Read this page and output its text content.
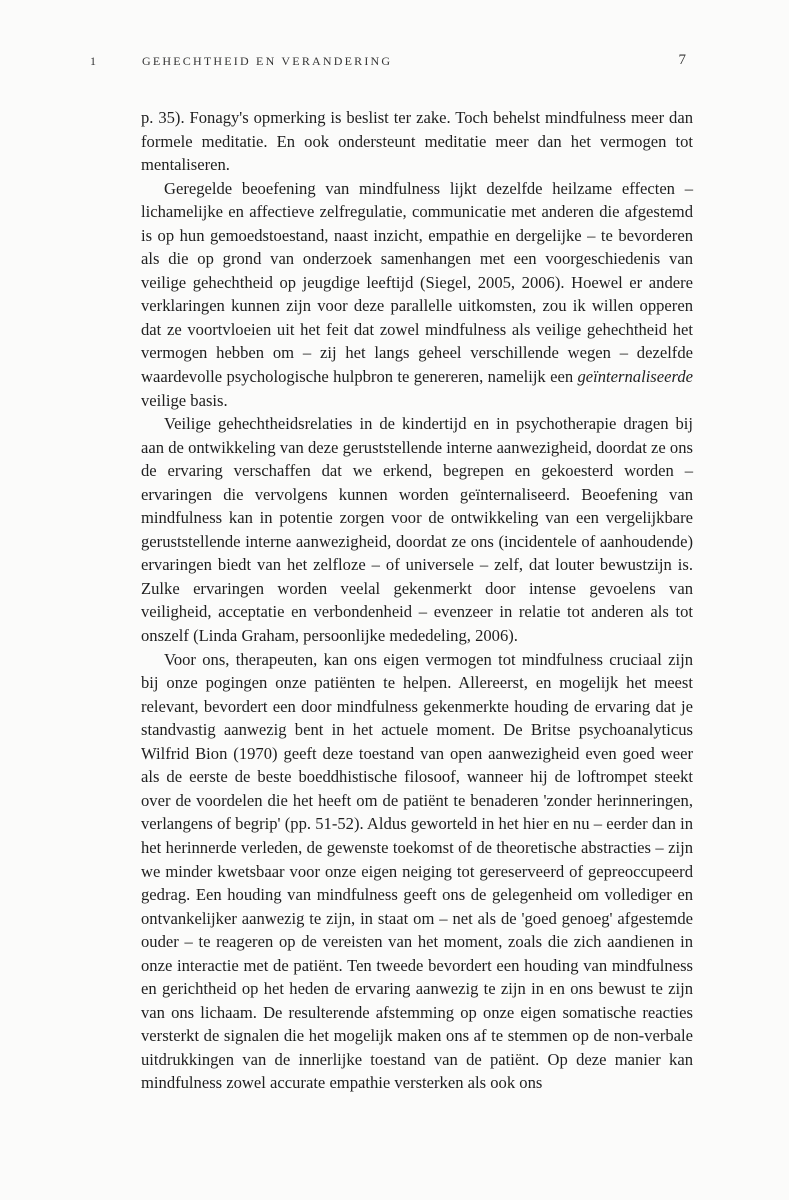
1	GEHECHTHEID EN VERANDERING	7

p. 35). Fonagy's opmerking is beslist ter zake. Toch behelst mindfulness meer dan formele meditatie. En ook ondersteunt meditatie meer dan het vermogen tot mentaliseren.

Geregelde beoefening van mindfulness lijkt dezelfde heilzame effecten – lichamelijke en affectieve zelfregulatie, communicatie met anderen die afgestemd is op hun gemoedstoestand, naast inzicht, empathie en dergelijke – te bevorderen als die op grond van onderzoek samenhangen met een voorgeschiedenis van veilige gehechtheid op jeugdige leeftijd (Siegel, 2005, 2006). Hoewel er andere verklaringen kunnen zijn voor deze parallelle uitkomsten, zou ik willen opperen dat ze voortvloeien uit het feit dat zowel mindfulness als veilige gehechtheid het vermogen hebben om – zij het langs geheel verschillende wegen – dezelfde waardevolle psychologische hulpbron te genereren, namelijk een geïnternaliseerde veilige basis.

Veilige gehechtheidsrelaties in de kindertijd en in psychotherapie dragen bij aan de ontwikkeling van deze geruststellende interne aanwezigheid, doordat ze ons de ervaring verschaffen dat we erkend, begrepen en gekoesterd worden – ervaringen die vervolgens kunnen worden geïnternaliseerd. Beoefening van mindfulness kan in potentie zorgen voor de ontwikkeling van een vergelijkbare geruststellende interne aanwezigheid, doordat ze ons (incidentele of aanhoudende) ervaringen biedt van het zelfloze – of universele – zelf, dat louter bewustzijn is. Zulke ervaringen worden veelal gekenmerkt door intense gevoelens van veiligheid, acceptatie en verbondenheid – evenzeer in relatie tot anderen als tot onszelf (Linda Graham, persoonlijke mededeling, 2006).

Voor ons, therapeuten, kan ons eigen vermogen tot mindfulness cruciaal zijn bij onze pogingen onze patiënten te helpen. Allereerst, en mogelijk het meest relevant, bevordert een door mindfulness gekenmerkte houding de ervaring dat je standvastig aanwezig bent in het actuele moment. De Britse psychoanalyticus Wilfrid Bion (1970) geeft deze toestand van open aanwezigheid even goed weer als de eerste de beste boeddhistische filosoof, wanneer hij de loftrompet steekt over de voordelen die het heeft om de patiënt te benaderen 'zonder herinneringen, verlangens of begrip' (pp. 51-52). Aldus geworteld in het hier en nu – eerder dan in het herinnerde verleden, de gewenste toekomst of de theoretische abstracties – zijn we minder kwetsbaar voor onze eigen neiging tot gereserveerd of gepreoccupeerd gedrag. Een houding van mindfulness geeft ons de gelegenheid om vollediger en ontvankelijker aanwezig te zijn, in staat om – net als de 'goed genoeg' afgestemde ouder – te reageren op de vereisten van het moment, zoals die zich aandienen in onze interactie met de patiënt. Ten tweede bevordert een houding van mindfulness en gerichtheid op het heden de ervaring aanwezig te zijn in en ons bewust te zijn van ons lichaam. De resulterende afstemming op onze eigen somatische reacties versterkt de signalen die het mogelijk maken ons af te stemmen op de non-verbale uitdrukkingen van de innerlijke toestand van de patiënt. Op deze manier kan mindfulness zowel accurate empathie versterken als ook ons
